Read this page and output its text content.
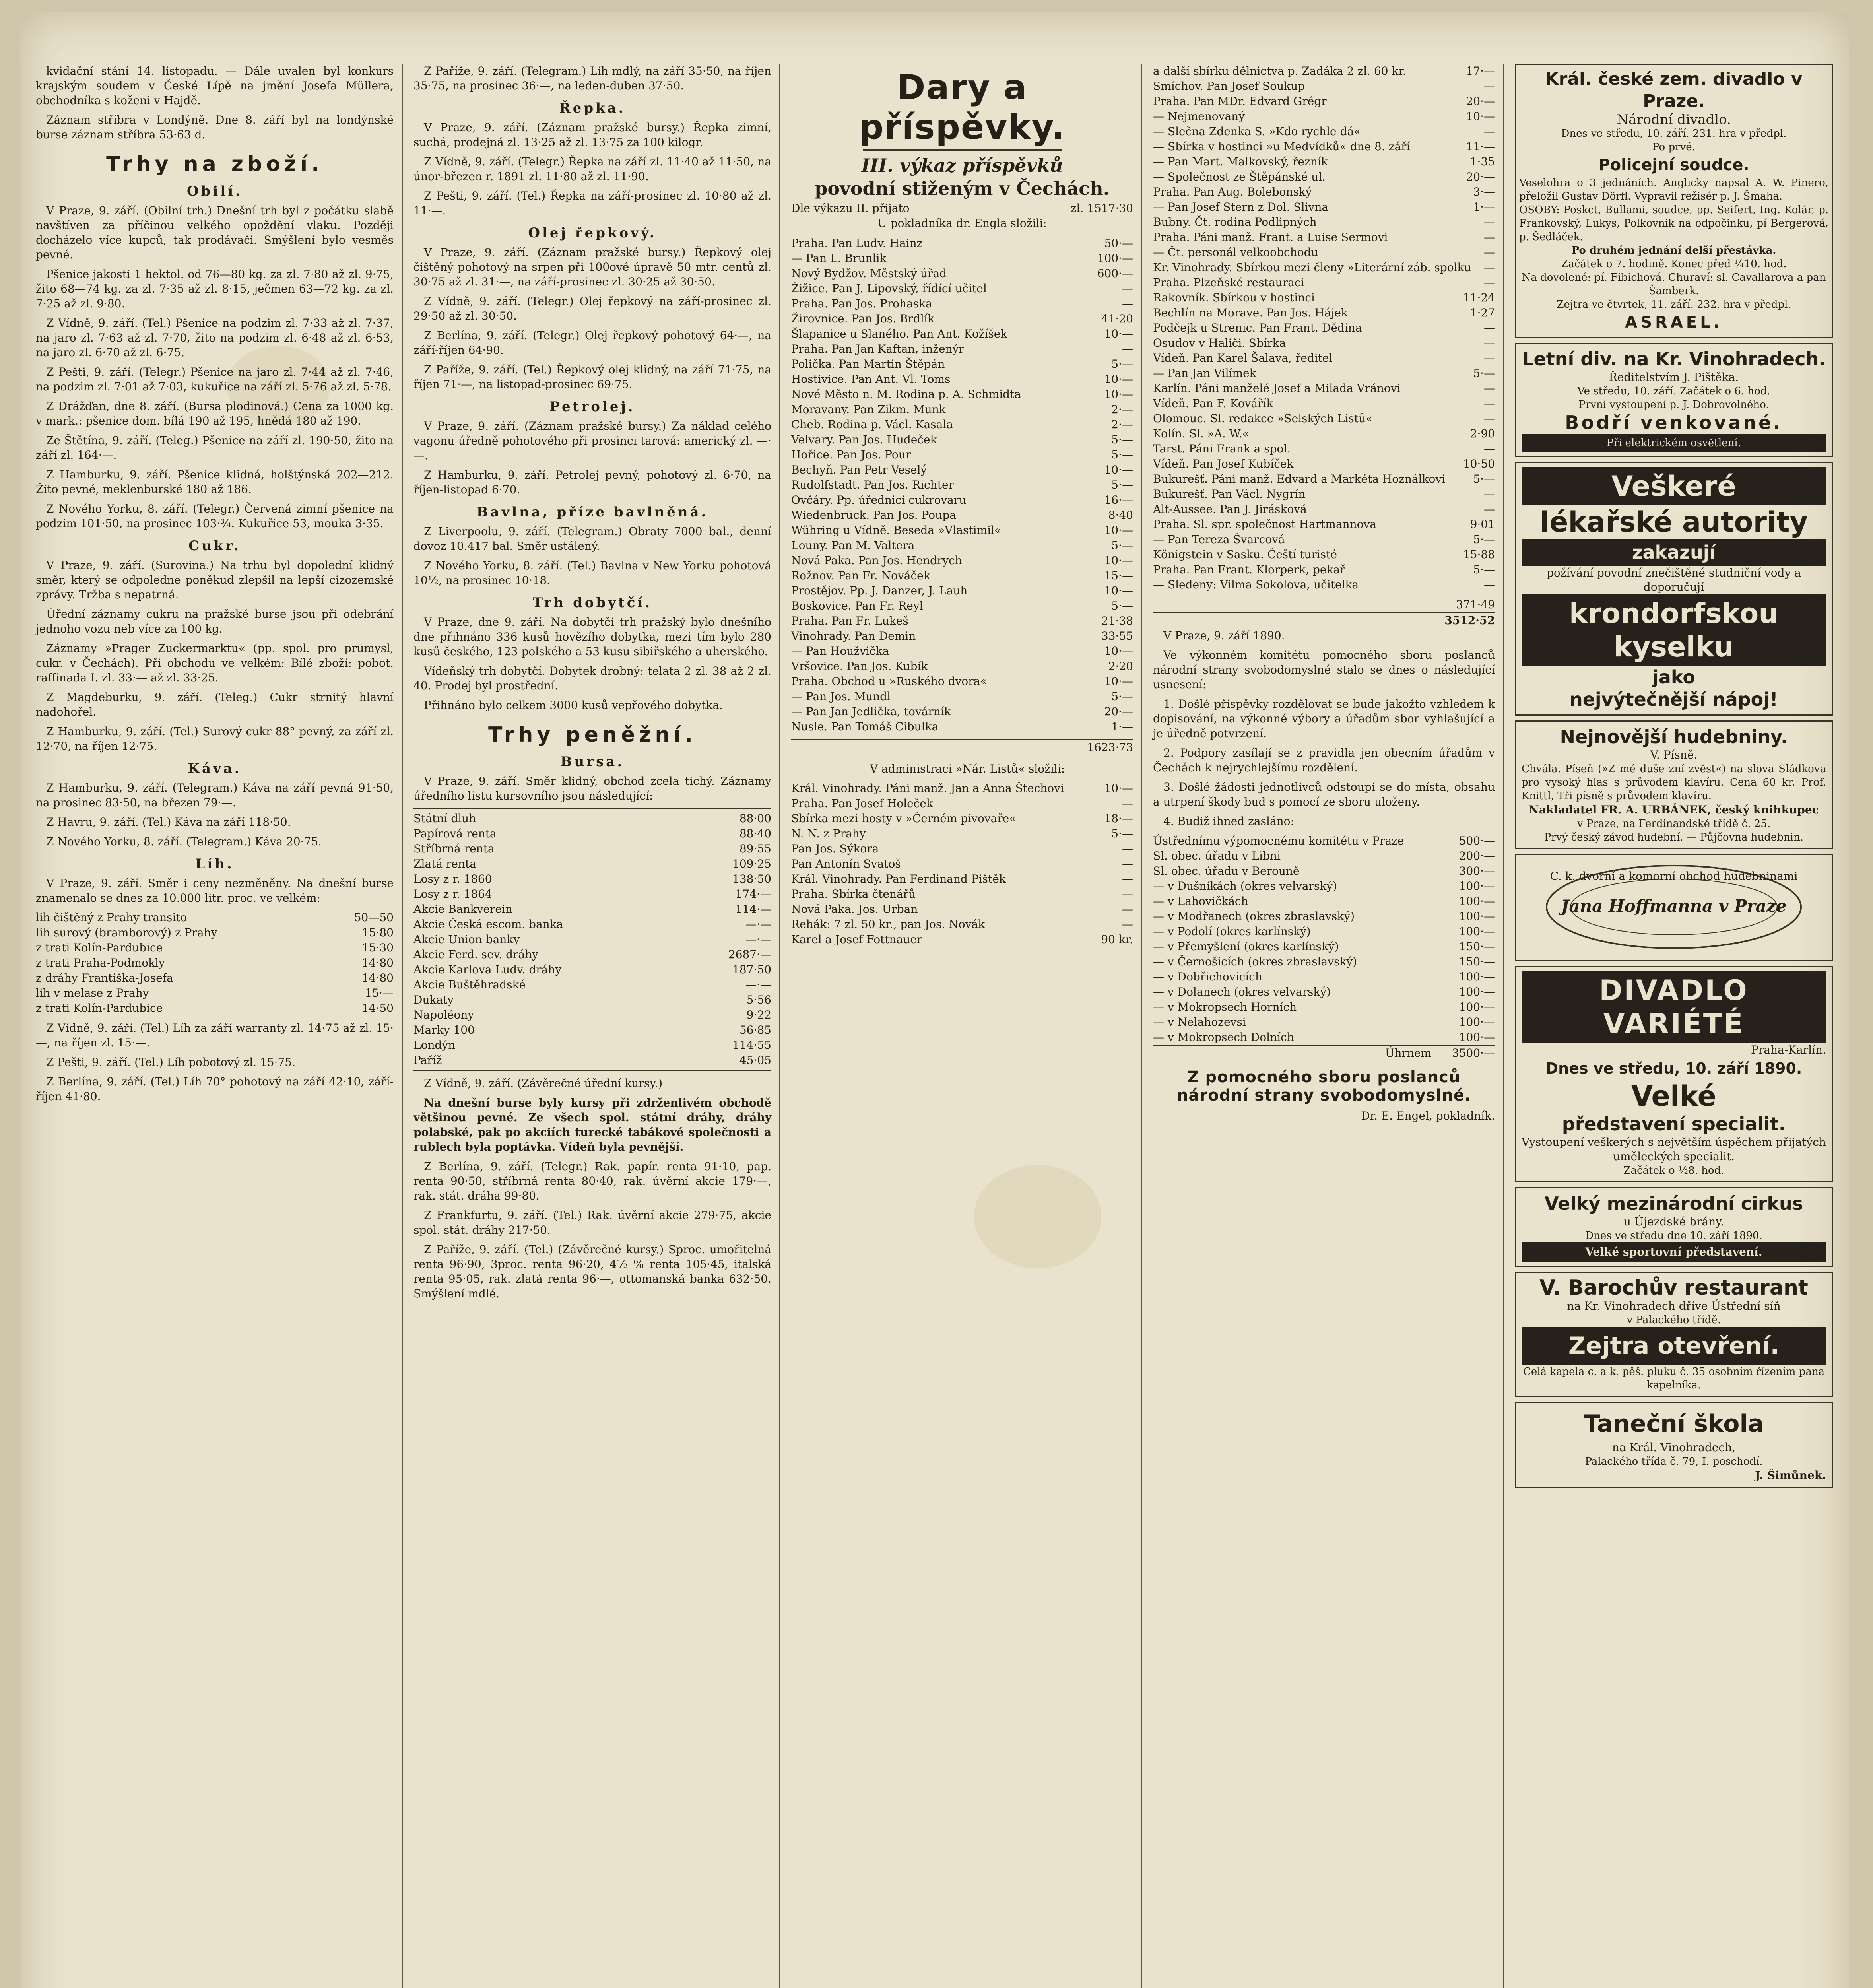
kvidační stání 14. listopadu. — Dále uvalen byl konkurs krajským soudem v České Lípě na jmění Josefa Müllera, obchodníka s koženi v Hajdě.

Záznam stříbra v Londýně. Dne 8. září byl na londýnské burse záznam stříbra 53·63 d.

Trhy na zboží.
Obilí.

V Praze, 9. září. (Obilní trh.) Dnešní trh byl z počátku slabě navštíven za příčinou velkého opoždění vlaku. Později docházelo více kupců, tak prodávači. Smýšlení bylo vesměs pevné.

Pšenice jakosti 1 hektol. od 76—80 kg. za zl. 7·80 až zl. 9·75, žito 68—74 kg. za zl. 7·35 až zl. 8·15, ječmen 63—72 kg. za zl. 7·25 až zl. 9·80.

Z Vídně, 9. září. (Tel.) Pšenice na podzim zl. 7·33 až zl. 7·37, na jaro zl. 7·63 až zl. 7·70, žito na podzim zl. 6·48 až zl. 6·53, na jaro zl. 6·70 až zl. 6·75.

Z Pešti, 9. září. (Telegr.) Pšenice na jaro zl. 7·44 až zl. 7·46, na podzim zl. 7·01 až 7·03, kukuřice na září zl. 5·76 až zl. 5·78.

Z Drážďan, dne 8. září. (Bursa plodinová.) Cena za 1000 kg. v mark.: pšenice dom. bílá 190 až 195, hnědá 180 až 190.

Ze Štětína, 9. září. (Teleg.) Pšenice na září zl. 190·50, žito na září zl. 164·—.

Z Hamburku, 9. září. Pšenice klidná, holštýnská 202—212. Žito pevné, meklenburské 180 až 186.

Z Nového Yorku, 8. září. (Telegr.) Červená zimní pšenice na podzim 101·50, na prosinec 103·¾. Kukuřice 53, mouka 3·35.

Cukr.

V Praze, 9. září. (Surovina.) Na trhu byl dopolední klidný směr, který se odpoledne poněkud zlepšil na lepší cizozemské zprávy. Tržba s nepatrná.

Úřední záznamy cukru na pražské burse jsou při odebrání jednoho vozu neb více za 100 kg.

Záznamy »Prager Zuckermarktu« (pp. spol. pro průmysl, cukr. v Čechách). Při obchodu ve velkém: Bílé zboží: pobot. raffinada I. zl. 33·— až zl. 33·25.

Z Magdeburku, 9. září. (Teleg.) Cukr strnitý hlavní nadohořel.

Z Hamburku, 9. září. (Tel.) Surový cukr 88° pevný, za září zl. 12·70, na říjen 12·75.

Káva.

Z Hamburku, 9. září. (Telegram.) Káva na září pevná 91·50, na prosinec 83·50, na březen 79·—.

Z Havru, 9. září. (Tel.) Káva na září 118·50.

Z Nového Yorku, 8. září. (Telegram.) Káva 20·75.

Líh.

V Praze, 9. září. Směr i ceny nezměněny. Na dnešní burse znamenalo se dnes za 10.000 litr. proc. ve velkém:

lih čištěný z Prahy transito	50—50
lih surový (bramborový) z Prahy	15·80
z trati Kolín-Pardubice	15·30
z trati Praha-Podmokly	14·80
z dráhy Františka-Josefa	14·80
lih v melase z Prahy	15·—
z trati Kolín-Pardubice	14·50

Z Vídně, 9. září. (Tel.) Líh za září warranty zl. 14·75 až zl. 15·—, na říjen zl. 15·—.

Z Pešti, 9. září. (Tel.) Líh pobotový zl. 15·75.

Z Berlína, 9. září. (Tel.) Líh 70° pohotový na září 42·10, září-říjen 41·80.

Z Paříže, 9. září. (Telegram.) Líh mdlý, na září 35·50, na říjen 35·75, na prosinec 36·—, na leden-duben 37·50.

Řepka.

V Praze, 9. září. (Záznam pražské bursy.) Řepka zimní, suchá, prodejná zl. 13·25 až zl. 13·75 za 100 kilogr.

Z Vídně, 9. září. (Telegr.) Řepka na září zl. 11·40 až 11·50, na únor-březen r. 1891 zl. 11·80 až zl. 11·90.

Z Pešti, 9. září. (Tel.) Řepka na září-prosinec zl. 10·80 až zl. 11·—.

Olej řepkový.

V Praze, 9. září. (Záznam pražské bursy.) Řepkový olej čištěný pohotový na srpen při 100ové úpravě 50 mtr. centů zl. 30·75 až zl. 31·—, na září-prosinec zl. 30·25 až 30·50.

Z Vídně, 9. září. (Telegr.) Olej řepkový na září-prosinec zl. 29·50 až zl. 30·50.

Z Berlína, 9. září. (Telegr.) Olej řepkový pohotový 64·—, na září-říjen 64·90.

Z Paříže, 9. září. (Tel.) Řepkový olej klidný, na září 71·75, na říjen 71·—, na listopad-prosinec 69·75.

Petrolej.

V Praze, 9. září. (Záznam pražské bursy.) Za náklad celého vagonu úředně pohotového při prosinci tarová: americký zl. —·—.

Z Hamburku, 9. září. Petrolej pevný, pohotový zl. 6·70, na říjen-listopad 6·70.

Bavlna, příze bavlněná.

Z Liverpoolu, 9. září. (Telegram.) Obraty 7000 bal., denní dovoz 10.417 bal. Směr ustálený.

Z Nového Yorku, 8. září. (Tel.) Bavlna v New Yorku pohotová 10½, na prosinec 10·18.

Trh dobytčí.

V Praze, dne 9. září. Na dobytčí trh pražský bylo dnešního dne přihnáno 336 kusů hovězího dobytka, mezi tím bylo 280 kusů českého, 123 polského a 53 kusů sibiřského a uherského.

Vídeňský trh dobytčí. Dobytek drobný: telata 2 zl. 38 až 2 zl. 40. Prodej byl prostřední.

Přihnáno bylo celkem 3000 kusů vepřového dobytka.

Trhy peněžní.
Bursa.

V Praze, 9. září. Směr klidný, obchod zcela tichý. Záznamy úředního listu kursovního jsou následující:

Státní dluh	88·00
Papírová renta	88·40
Stříbrná renta	89·55
Zlatá renta	109·25
Losy z r. 1860	138·50
Losy z r. 1864	174·—
Akcie Bankverein	114·—
Akcie Česká escom. banka	—·—
Akcie Union banky	—·—
Akcie Ferd. sev. dráhy	2687·—
Akcie Karlova Ludv. dráhy	187·50
Akcie Buštěhradské	—·—
Dukaty	5·56
Napoléony	9·22
Marky 100	56·85
Londýn	114·55
Paříž	45·05

Z Vídně, 9. září. (Závěrečné úřední kursy.)

Na dnešní burse byly kursy při zdrženlivém obchodě většinou pevné. Ze všech spol. státní dráhy, dráhy polabské, pak po akciích turecké tabákové společnosti a rublech byla poptávka. Vídeň byla pevnější.

Z Berlína, 9. září. (Telegr.) Rak. papír. renta 91·10, pap. renta 90·50, stříbrná renta 80·40, rak. úvěrní akcie 179·—, rak. stát. dráha 99·80.

Z Frankfurtu, 9. září. (Tel.) Rak. úvěrní akcie 279·75, akcie spol. stát. dráhy 217·50.

Z Paříže, 9. září. (Tel.) (Závěrečné kursy.) Sproc. umořitelná renta 96·90, 3proc. renta 96·20, 4½ % renta 105·45, italská renta 95·05, rak. zlatá renta 96·—, ottomanská banka 632·50. Smýšlení mdlé.

Dary a příspěvky.
III. výkaz příspěvků
povodní stiženým v Čechách.
Dle výkazu II. přijato	zl. 1517·30
U pokladníka dr. Engla složili:
Praha. Pan Ludv. Hainz	50·—
— Pan L. Brunlik	100·—
Nový Bydžov. Městský úřad	600·—
Žižice. Pan J. Lipovský, řídící učitel	—
Praha. Pan Jos. Prohaska	—
Žirovnice. Pan Jos. Brdlík	41·20
Šlapanice u Slaného. Pan Ant. Kožíšek	10·—
Praha. Pan Jan Kaftan, inženýr	—
Polička. Pan Martin Štěpán	5·—
Hostivice. Pan Ant. Vl. Toms	10·—
Nové Město n. M. Rodina p. A. Schmidta	10·—
Moravany. Pan Zikm. Munk	2·—
Cheb. Rodina p. Václ. Kasala	2·—
Velvary. Pan Jos. Hudeček	5·—
Hořice. Pan Jos. Pour	5·—
Bechyň. Pan Petr Veselý	10·—
Rudolfstadt. Pan Jos. Richter	5·—
Ovčáry. Pp. úřednici cukrovaru	16·—
Wiedenbrück. Pan Jos. Poupa	8·40
Wühring u Vídně. Beseda »Vlastimil«	10·—
Louny. Pan M. Valtera	5·—
Nová Paka. Pan Jos. Hendrych	10·—
Rožnov. Pan Fr. Nováček	15·—
Prostějov. Pp. J. Danzer, J. Lauh	10·—
Boskovice. Pan Fr. Reyl	5·—
Praha. Pan Fr. Lukeš	21·38
Vinohrady. Pan Demin	33·55
— Pan Houžvička	10·—
Vršovice. Pan Jos. Kubík	2·20
Praha. Obchod u »Ruského dvora«	10·—
— Pan Jos. Mundl	5·—
— Pan Jan Jedlička, továrník	20·—
Nusle. Pan Tomáš Cibulka	1·—
1623·73

V administraci »Nár. Listů« složili:

Král. Vinohrady. Páni manž. Jan a Anna Štechovi	10·—
Praha. Pan Josef Holeček	—
Sbírka mezi hosty v »Černém pivovaře«	18·—
N. N. z Prahy	5·—
Pan Jos. Sýkora	—
Pan Antonín Svatoš	—
Král. Vinohrady. Pan Ferdinand Pištěk	—
Praha. Sbírka čtenářů	—
Nová Paka. Jos. Urban	—
Rehák: 7 zl. 50 kr., pan Jos. Novák	—
Karel a Josef Fottnauer	90 kr.
a další sbírku dělnictva p. Zadáka 2 zl. 60 kr.	17·—
Smíchov. Pan Josef Soukup	—
Praha. Pan MDr. Edvard Grégr	20·—
— Nejmenovaný	10·—
— Slečna Zdenka S. »Kdo rychle dá«	—
— Sbírka v hostinci »u Medvídků« dne 8. září	11·—
— Pan Mart. Malkovský, řezník	1·35
— Společnost ze Štěpánské ul.	20·—
Praha. Pan Aug. Bolebonský	3·—
— Pan Josef Stern z Dol. Slivna	1·—
Bubny. Čt. rodina Podlipných	—
Praha. Páni manž. Frant. a Luise Sermovi	—
— Čt. personál velkoobchodu	—
Kr. Vinohrady. Sbírkou mezi členy »Literární záb. spolku	—
Praha. Plzeňské restauraci	—
Rakovník. Sbírkou v hostinci	11·24
Bechlín na Morave. Pan Jos. Hájek	1·27
Podčejk u Strenic. Pan Frant. Dědina	—
Osudov v Haliči. Sbírka	—
Vídeň. Pan Karel Šalava, ředitel	—
— Pan Jan Vilímek	5·—
Karlín. Páni manželé Josef a Milada Vránovi	—
Vídeň. Pan F. Kovářík	—
Olomouc. Sl. redakce »Selských Listů«	—
Kolín. Sl. »A. W.«	2·90
Tarst. Páni Frank a spol.	—
Vídeň. Pan Josef Kubíček	10·50
Bukurešť. Páni manž. Edvard a Markéta Hoználkovi	5·—
Bukurešť. Pan Václ. Nygrín	—
Alt-Aussee. Pan J. Jirásková	—
Praha. Sl. spr. společnost Hartmannova	9·01
— Pan Tereza Švarcová	5·—
Königstein v Sasku. Čeští turisté	15·88
Praha. Pan Frant. Klorperk, pekař	5·—
— Sledeny: Vilma Sokolova, učitelka	—
371·49
3512·52

V Praze, 9. září 1890.

Ve výkonném komitétu pomocného sboru poslanců národní strany svobodomyslné stalo se dnes o následující usnesení:

1. Došlé příspěvky rozdělovat se bude jakožto vzhledem k dopisování, na výkonné výbory a úřadům sbor vyhlašující a je úředně potvrzení.

2. Podpory zasílají se z pravidla jen obecním úřadům v Čechách k nejrychlejšímu rozdělení.

3. Došlé žádosti jednotlivců odstoupí se do místa, obsahu a utrpení škody bud s pomocí ze sboru uloženy.

4. Budiž ihned zasláno:

Ústřednímu výpomocnému komitétu v Praze	500·—
Sl. obec. úřadu v Libni	200·—
Sl. obec. úřadu v Berouně	300·—
— v Dušníkách (okres velvarský)	100·—
— v Lahovičkách	100·—
— v Modřanech (okres zbraslavský)	100·—
— v Podolí (okres karlínský)	100·—
— v Přemyšlení (okres karlínský)	150·—
— v Černošicích (okres zbraslavský)	150·—
— v Dobřichovicích	100·—
— v Dolanech (okres velvarský)	100·—
— v Mokropsech Horních	100·—
— v Nelahozevsi	100·—
— v Mokropsech Dolních	100·—
Úhrnem	3500·—
Z pomocného sboru poslanců národní strany svobodomyslné.

Dr. E. Engel, pokladník.

Král. české zem. divadlo v Praze.
Národní divadlo.
Dnes ve středu, 10. září. 231. hra v předpl.
Po prvé.
Policejní soudce.
Veselohra o 3 jednáních. Anglicky napsal A. W. Pinero, přeložil Gustav Dörfl. Vypravil režisér p. J. Šmaha.
OSOBY: Poskct, Bullami, soudce, pp. Seifert, Ing. Kolár, p. Frankovský, Lukys, Polkovnik na odpočinku, pí Bergerová, p. Šedláček.
Po druhém jednání delší přestávka.
Začátek o 7. hodině. Konec před ¼10. hod.
Na dovolené: pí. Fibichová. Churaví: sl. Cavallarova a pan Šamberk.
Zejtra ve čtvrtek, 11. září. 232. hra v předpl.
ASRAEL.
Letní div. na Kr. Vinohradech.
Ředitelstvím J. Pištěka.
Ve středu, 10. září. Začátek o 6. hod.
První vystoupení p. J. Dobrovolného.
Bodří venkované.
Při elektrickém osvětlení.
Veškeré
lékařské autority
zakazují
požívání povodní znečištěné studniční vody a doporučují
krondorfskou kyselku
jako
nejvýtečnější nápoj!
Nejnovější hudebniny.
V. Písně.
Chvála. Píseň (»Z mé duše zní zvěst«) na slova Sládkova pro vysoký hlas s průvodem klavíru. Cena 60 kr. Prof. Knittl, Tři písně s průvodem klavíru.
Nakladatel FR. A. URBÁNEK, český knihkupec
v Praze, na Ferdinandské třídě č. 25.
Prvý český závod hudební. — Půjčovna hudebnin.
C. k. dvorní a komorní obchod hudebninami
Jana Hoffmanna v Praze
DIVADLO VARIÉTÉ
Praha-Karlín.
Dnes ve středu, 10. září 1890.
Velké
představení specialit.
Vystoupení veškerých s největším úspěchem přijatých uměleckých specialit.
Začátek o ½8. hod.
Velký mezinárodní cirkus
u Újezdské brány.
Dnes ve středu dne 10. září 1890.
Velké sportovní představení.
V. Barochův restaurant
na Kr. Vinohradech dříve Ústřední síň
v Palackého třídě.
Zejtra otevření.
Celá kapela c. a k. pěš. pluku č. 35 osobním řízením pana kapelníka.
Taneční škola
na Král. Vinohradech,
Palackého třída č. 79, I. poschodí.
J. Šimůnek.
